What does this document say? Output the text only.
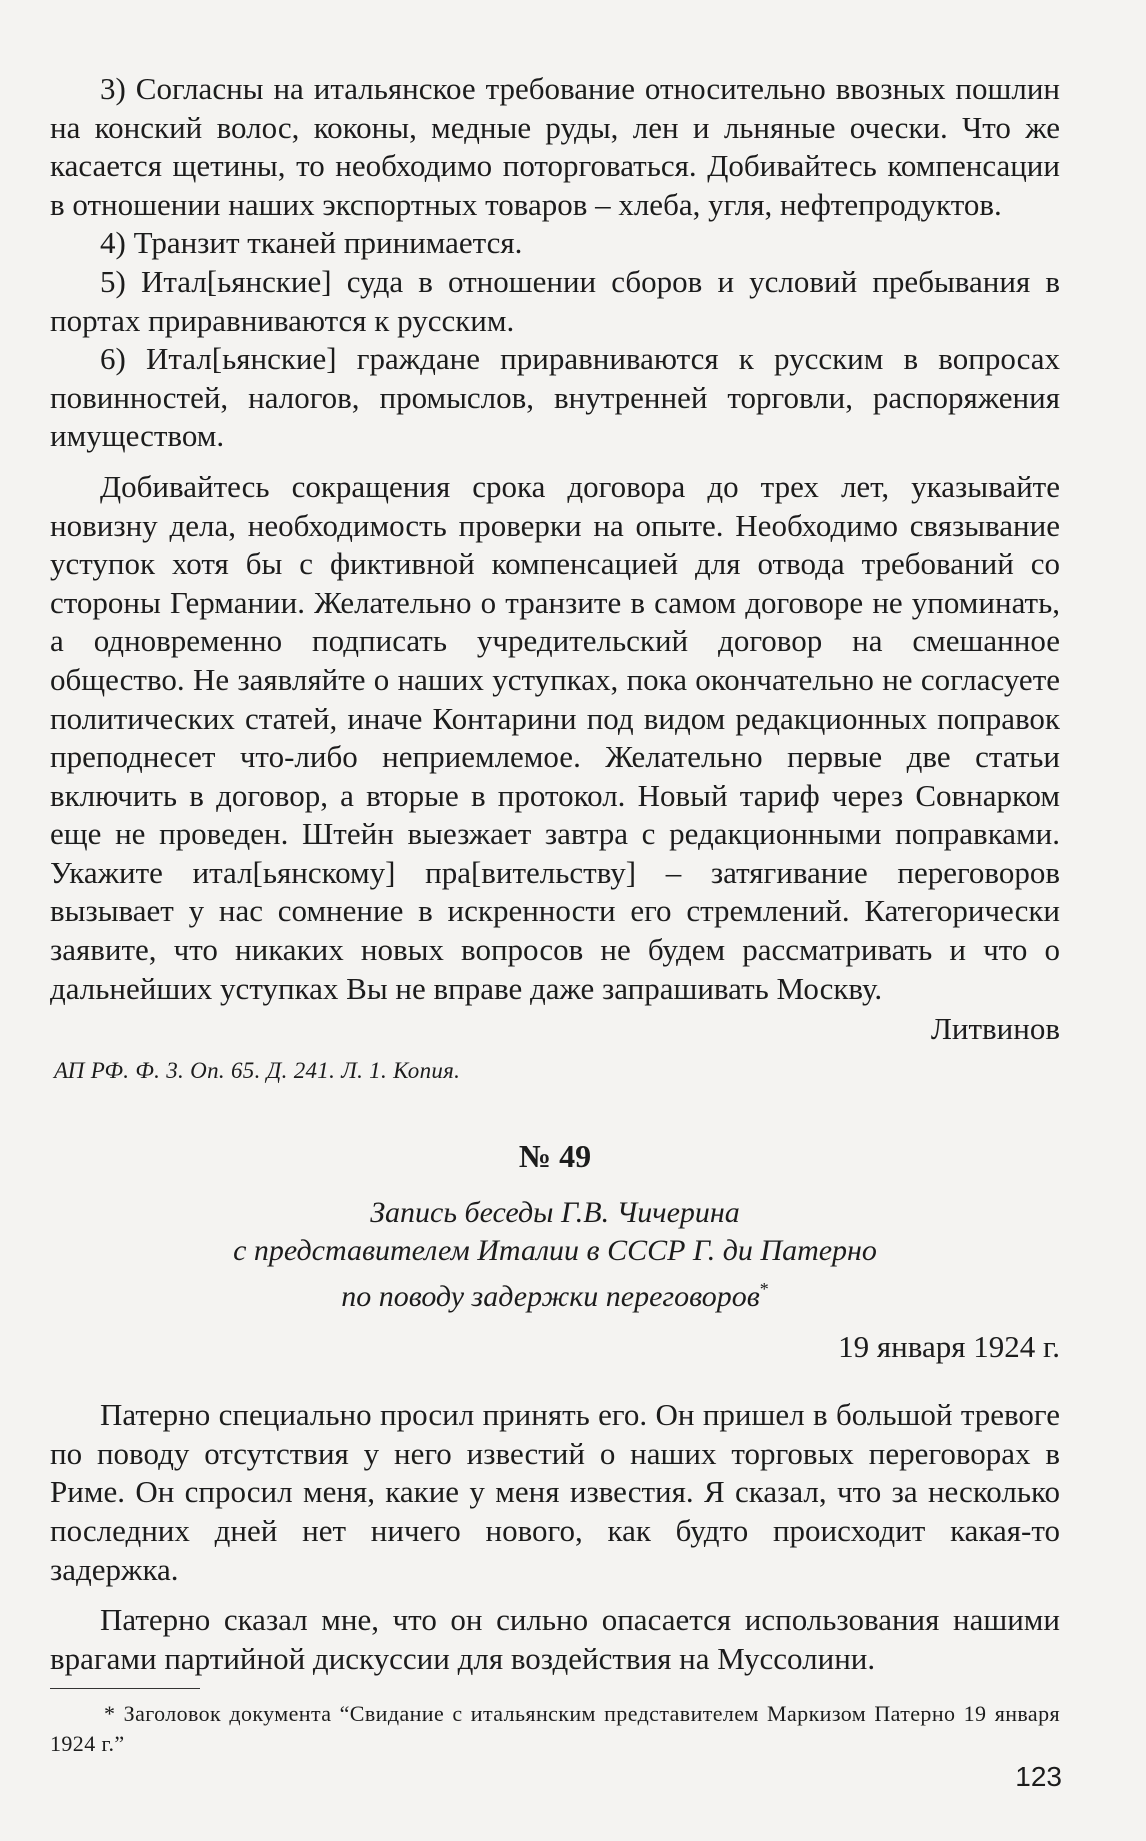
3) Согласны на итальянское требование относительно ввозных пошлин на конский волос, коконы, медные руды, лен и льняные очески. Что же касается щетины, то необходимо поторговаться. Добивайтесь компенсации в отношении наших экспортных товаров – хлеба, угля, нефтепродуктов.

4) Транзит тканей принимается.

5) Итал[ьянские] суда в отношении сборов и условий пребывания в портах приравниваются к русским.

6) Итал[ьянские] граждане приравниваются к русским в вопросах повинностей, налогов, промыслов, внутренней торговли, распоряжения имуществом.

Добивайтесь сокращения срока договора до трех лет, указывайте новизну дела, необходимость проверки на опыте. Необходимо связывание уступок хотя бы с фиктивной компенсацией для отвода требований со стороны Германии. Желательно о транзите в самом договоре не упоминать, а одновременно подписать учредительский договор на смешанное общество. Не заявляйте о наших уступках, пока окончательно не согласуете политических статей, иначе Контарини под видом редакционных поправок преподнесет что-либо неприемлемое. Желательно первые две статьи включить в договор, а вторые в протокол. Новый тариф через Совнарком еще не проведен. Штейн выезжает завтра с редакционными поправками. Укажите итал[ьянскому] пра[вительству] – затягивание переговоров вызывает у нас сомнение в искренности его стремлений. Категорически заявите, что никаких новых вопросов не будем рассматривать и что о дальнейших уступках Вы не вправе даже запрашивать Москву.

Литвинов

АП РФ. Ф. 3. Оп. 65. Д. 241. Л. 1. Копия.

№ 49

Запись беседы Г.В. Чичерина

с представителем Италии в СССР Г. ди Патерно

по поводу задержки переговоров*

19 января 1924 г.

Патерно специально просил принять его. Он пришел в большой тревоге по поводу отсутствия у него известий о наших торговых переговорах в Риме. Он спросил меня, какие у меня известия. Я сказал, что за несколько последних дней нет ничего нового, как будто происходит какая-то задержка.

Патерно сказал мне, что он сильно опасается использования нашими врагами партийной дискуссии для воздействия на Муссолини.

* Заголовок документа “Свидание с итальянским представителем Маркизом Патерно 19 января 1924 г.”

123
